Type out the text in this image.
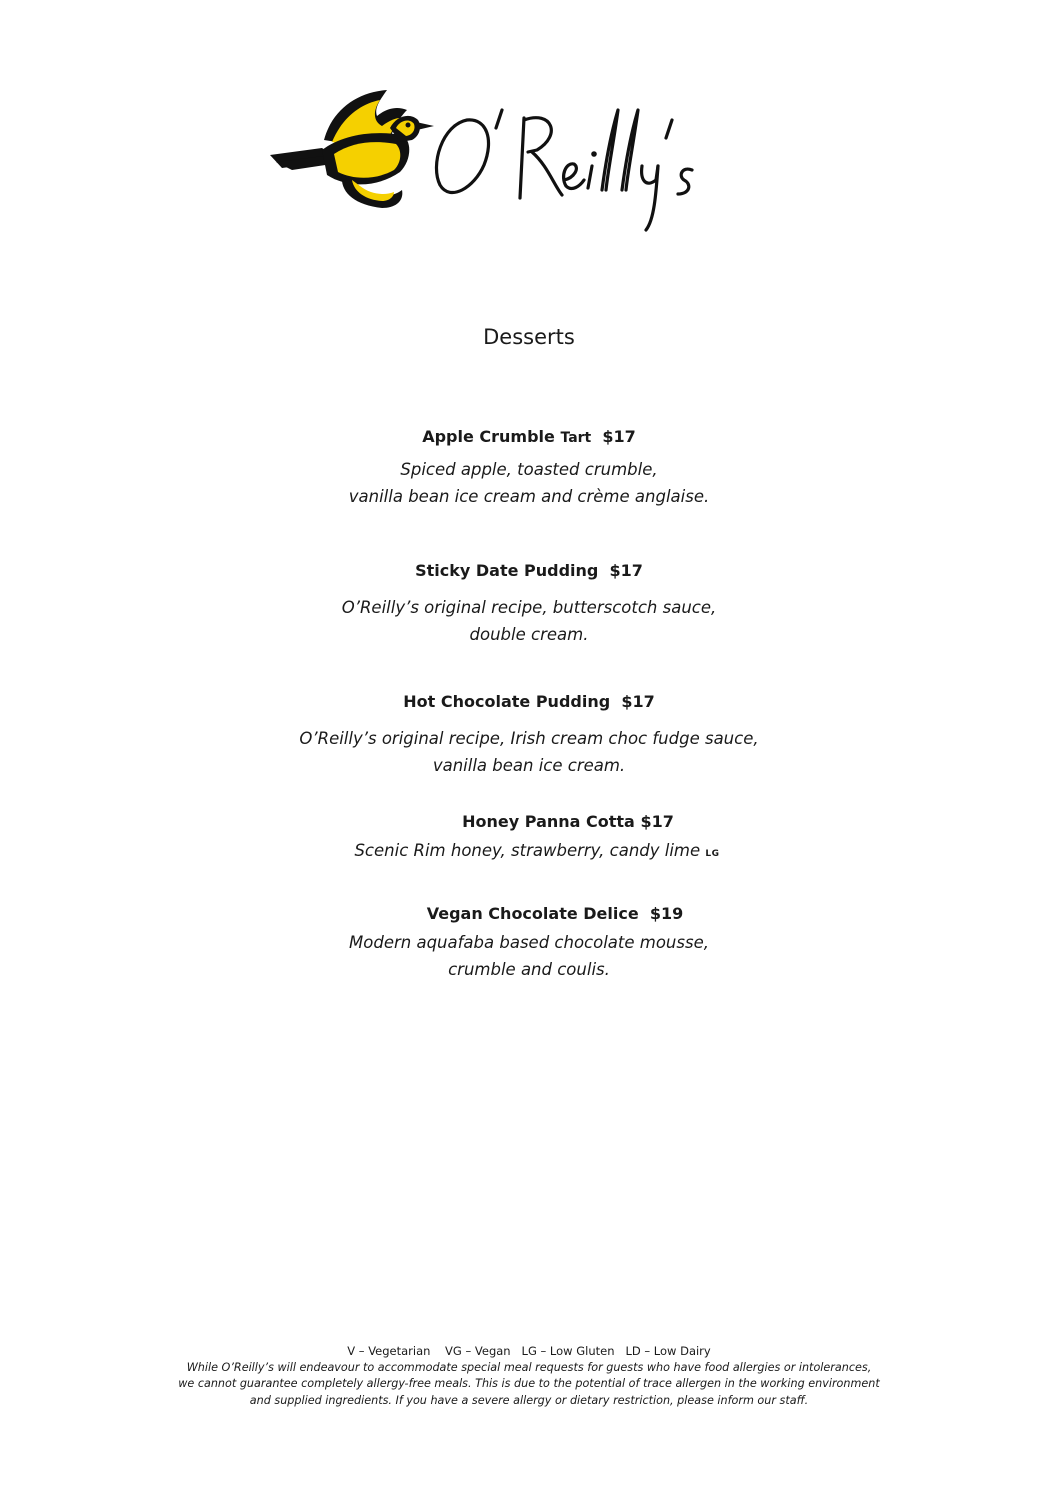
Desserts

Apple Crumble Tart $17

Spiced apple, toasted crumble,
vanilla bean ice cream and crème anglaise.

Sticky Date Pudding $17

O’Reilly’s original recipe, butterscotch sauce,
double cream.

Hot Chocolate Pudding $17

O’Reilly’s original recipe, Irish cream choc fudge sauce,
vanilla bean ice cream.

Honey Panna Cotta $17

Scenic Rim honey, strawberry, candy lime LG

Vegan Chocolate Delice $19

Modern aquafaba based chocolate mousse,
crumble and coulis.

V – Vegetarian    VG – Vegan   LG – Low Gluten   LD – Low Dairy
While O’Reilly’s will endeavour to accommodate special meal requests for guests who have food allergies or intolerances,
we cannot guarantee completely allergy-free meals. This is due to the potential of trace allergen in the working environment
and supplied ingredients. If you have a severe allergy or dietary restriction, please inform our staff.
